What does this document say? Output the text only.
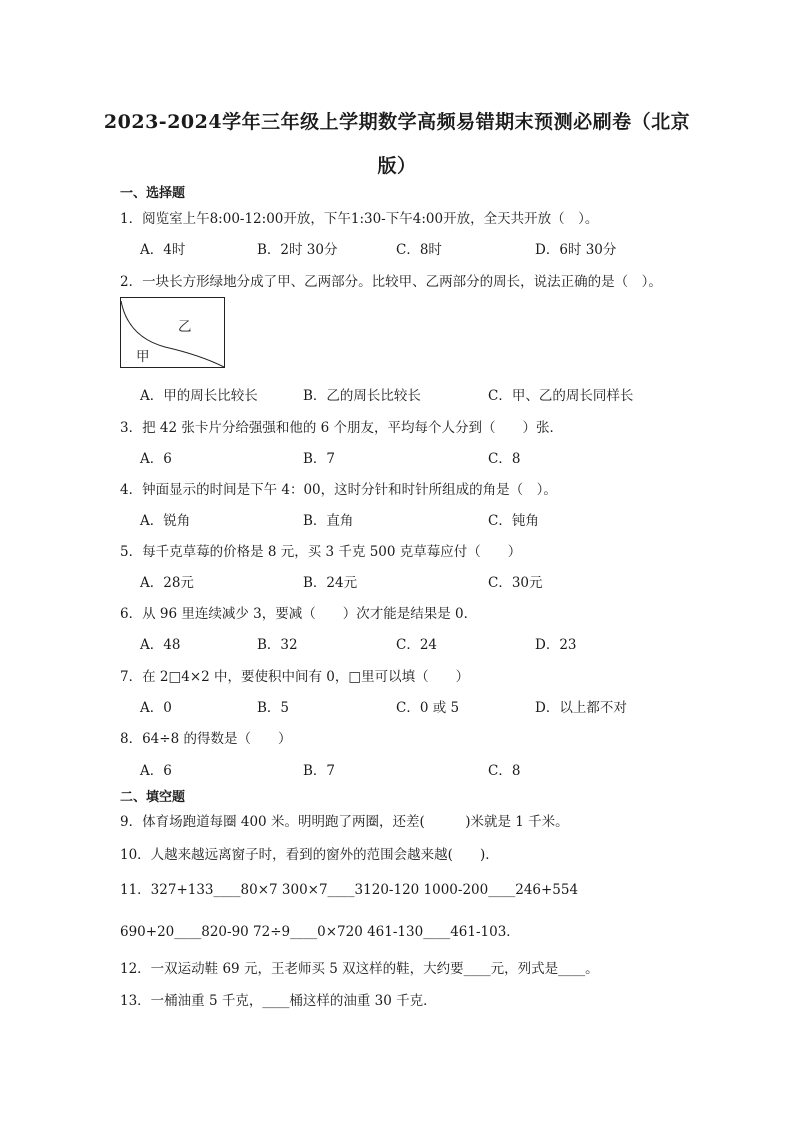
2023-2024学年三年级上学期数学高频易错期末预测必刷卷（北京版）
一、选择题
1．阅览室上午8:00-12:00开放，下午1:30-下午4:00开放，全天共开放（　）。
A．4时	B．2时 30分	C．8时	D．6时 30分
2．一块长方形绿地分成了甲、乙两部分。比较甲、乙两部分的周长，说法正确的是（　）。
乙
甲
A．甲的周长比较长	B．乙的周长比较长	C．甲、乙的周长同样长
3．把 42 张卡片分给强强和他的 6 个朋友，平均每个人分到（　　）张．
A．6	B．7	C．8
4．钟面显示的时间是下午 4：00，这时分针和时针所组成的角是（　）。
A．锐角	B．直角	C．钝角
5．每千克草莓的价格是 8 元，买 3 千克 500 克草莓应付（　　）
A．28元	B．24元	C．30元
6．从 96 里连续减少 3，要减（　　）次才能是结果是 0．
A．48	B．32	C．24	D．23
7．在 2□4×2 中，要使积中间有 0，□里可以填（　　）
A．0	B．5	C．0 或 5	D．以上都不对
8．64÷8 的得数是（　　）
A．6	B．7	C．8
二、填空题
9．体育场跑道每圈 400 米。明明跑了两圈，还差(　　　)米就是 1 千米。
10．人越来越远离窗子时，看到的窗外的范围会越来越(　　)．
11．327+133____80×7 300×7____3120-120 1000-200____246+554
690+20____820-90 72÷9____0×720 461-130____461-103．
12．一双运动鞋 69 元，王老师买 5 双这样的鞋，大约要____元，列式是____。
13．一桶油重 5 千克，____桶这样的油重 30 千克．
